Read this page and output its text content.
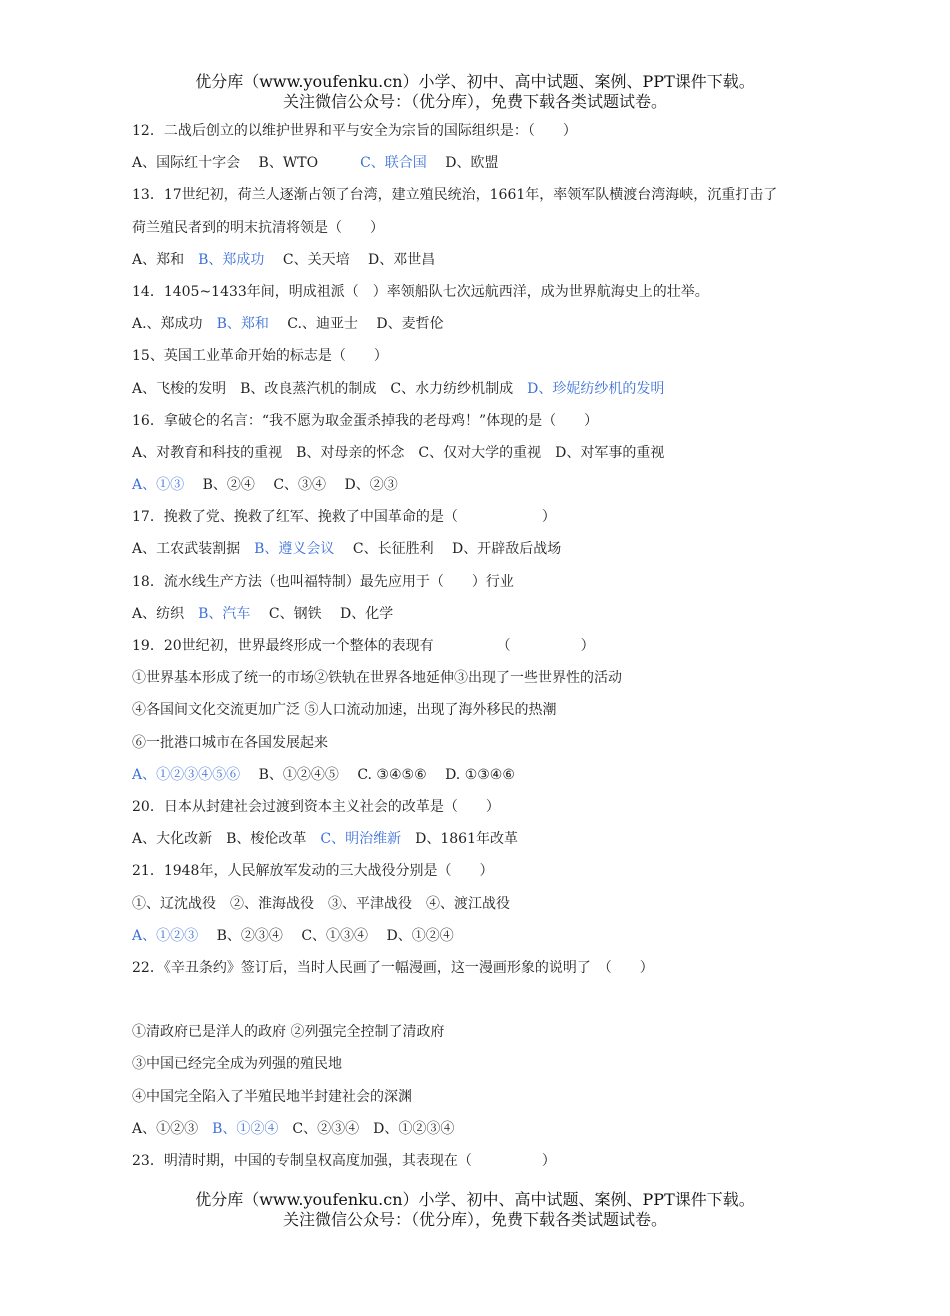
优分库（www.youfenku.cn）小学、初中、高中试题、案例、PPT课件下载。
关注微信公众号：（优分库），免费下载各类试题试卷。
12．二战后创立的以维护世界和平与安全为宗旨的国际组织是：（　　）
A、国际红十字会　 B、WTO　　　C、联合国　 D、欧盟
13．17世纪初，荷兰人逐渐占领了台湾，建立殖民统治，1661年，率领军队横渡台湾海峡，沉重打击了
荷兰殖民者到的明末抗清将领是（　　）
A、郑和　B、郑成功　 C、关天培　 D、邓世昌
14．1405~1433年间，明成祖派（　）率领船队七次远航西洋，成为世界航海史上的壮举。
A.、郑成功　B、郑和　 C.、迪亚士　 D、麦哲伦
15、英国工业革命开始的标志是（　　）
A、飞梭的发明　B、改良蒸汽机的制成　C、水力纺纱机制成　D、珍妮纺纱机的发明
16．拿破仑的名言：“我不愿为取金蛋杀掉我的老母鸡！”体现的是（　　）
A、对教育和科技的重视　B、对母亲的怀念　C、仅对大学的重视　D、对军事的重视
A、①③　 B、②④　 C、③④　 D、②③
17．挽救了党、挽救了红军、挽救了中国革命的是（　　　　　　）
A、工农武装割据　B、遵义会议　 C、长征胜利　 D、开辟敌后战场
18．流水线生产方法（也叫福特制）最先应用于（　　）行业
A、纺织　B、汽车　 C、钢铁　 D、化学
19．20世纪初，世界最终形成一个整体的表现有　　　　　（　　　　　）
①世界基本形成了统一的市场②铁轨在世界各地延伸③出现了一些世界性的活动
④各国间文化交流更加广泛 ⑤人口流动加速，出现了海外移民的热潮
⑥一批港口城市在各国发展起来
A、①②③④⑤⑥　 B、①②④⑤　 C. ③④⑤⑥　 D. ①③④⑥
20．日本从封建社会过渡到资本主义社会的改革是（　　）
A、大化改新　B、梭伦改革　C、明治维新　D、1861年改革
21．1948年，人民解放军发动的三大战役分别是（　　）
①、辽沈战役　②、淮海战役　③、平津战役　④、渡江战役
A、①②③　 B、②③④　 C、①③④　 D、①②④
22．《辛丑条约》签订后，当时人民画了一幅漫画，这一漫画形象的说明了　（　　）
①清政府已是洋人的政府 ②列强完全控制了清政府
③中国已经完全成为列强的殖民地
④中国完全陷入了半殖民地半封建社会的深渊
A、①②③　B、①②④　C、②③④　D、①②③④
23．明清时期，中国的专制皇权高度加强，其表现在（　　　　　）
优分库（www.youfenku.cn）小学、初中、高中试题、案例、PPT课件下载。
关注微信公众号：（优分库），免费下载各类试题试卷。
